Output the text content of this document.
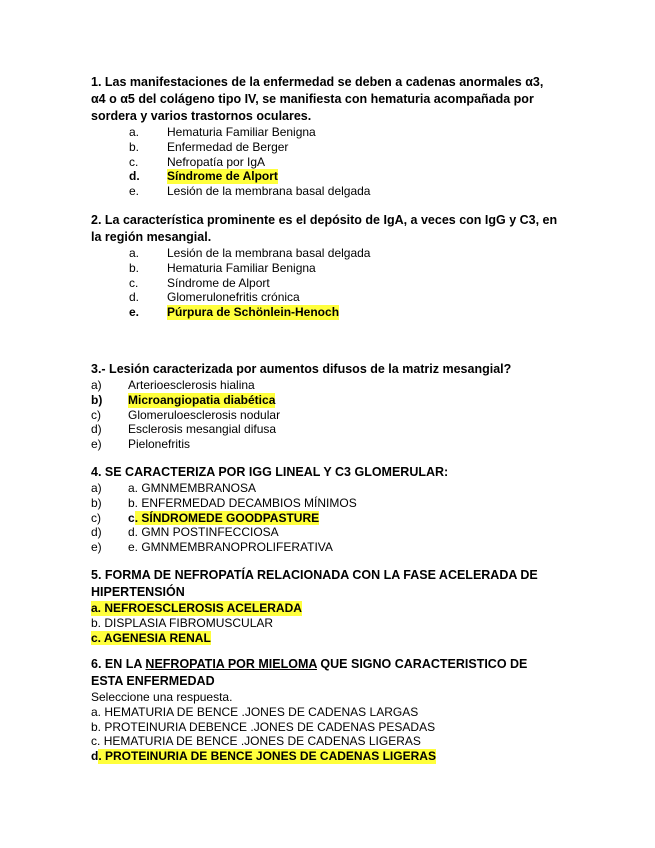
1. Las manifestaciones de la enfermedad se deben a cadenas anormales α3, α4 o α5 del colágeno tipo IV, se manifiesta con hematuria acompañada por sordera y varios trastornos oculares.

a.	Hematuria Familiar Benigna
b.	Enfermedad de Berger
c.	Nefropatía por IgA
d.	Síndrome de Alport
e.	Lesión de la membrana basal delgada

2. La característica prominente es el depósito de IgA, a veces con IgG y C3, en la región mesangial.

a.	Lesión de la membrana basal delgada
b.	Hematuria Familiar Benigna
c.	Síndrome de Alport
d.	Glomerulonefritis crónica
e.	Púrpura de Schönlein-Henoch

3.- Lesión caracterizada por aumentos difusos de la matriz mesangial?

a)	Arterioesclerosis hialina
b)	Microangiopatia diabética
c)	Glomeruloesclerosis nodular
d)	Esclerosis mesangial difusa
e)	Pielonefritis

4. SE CARACTERIZA POR IGG LINEAL Y C3 GLOMERULAR:

a)	a. GMNMEMBRANOSA
b)	b. ENFERMEDAD DECAMBIOS MÍNIMOS
c)	c . SÍNDROMEDE GOODPASTURE
d)	d. GMN POSTINFECCIOSA
e)	e. GMNMEMBRANOPROLIFERATIVA

5. FORMA DE NEFROPATÍA RELACIONADA CON LA FASE ACELERADA DE HIPERTENSIÓN

a. NEFROESCLEROSIS ACELERADA
b.
DISPLASIA FIBROMUSCULAR
c. AGENESIA RENAL

6. EN LA NEFROPATIA POR MIELOMA QUE SIGNO CARACTERISTICO DE ESTA ENFERMEDAD

Seleccione una respuesta.

a.
HEMATURIA DE BENCE .JONES DE CADENAS LARGAS
b.
PROTEINURIA DEBENCE .JONES DE CADENAS PESADAS
c.
HEMATURIA DE BENCE .JONES DE CADENAS LIGERAS
d . PROTEINURIA DE BENCE JONES DE CADENAS LIGERAS
